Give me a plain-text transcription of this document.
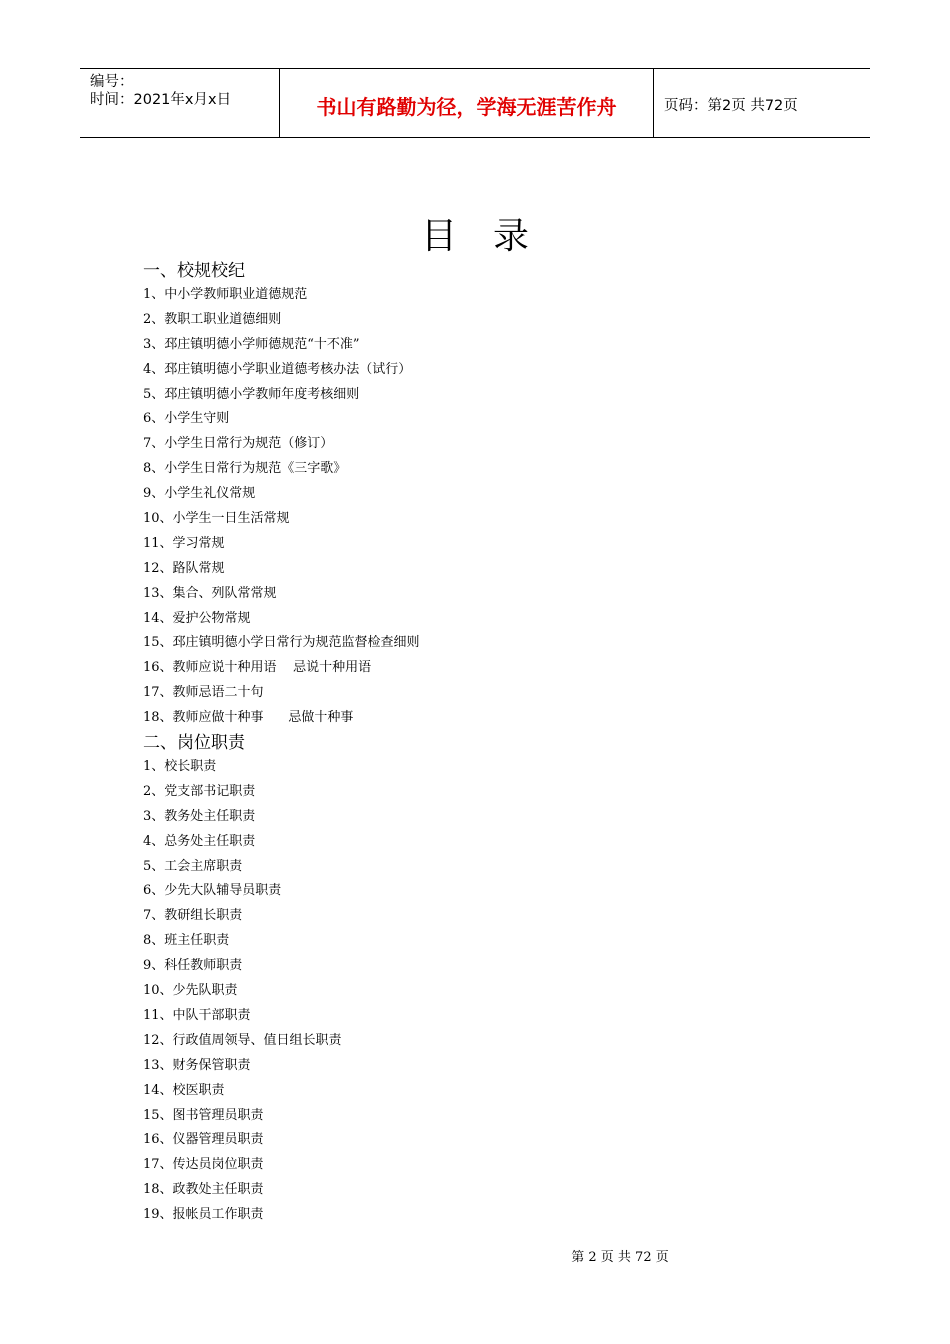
编号：
时间：2021年x月x日	书山有路勤为径，学海无涯苦作舟	页码：第2页 共72页
目录
一、校规校纪
1、中小学教师职业道德规范
2、教职工职业道德细则
3、邳庄镇明德小学师德规范“十不准”
4、邳庄镇明德小学职业道德考核办法（试行）
5、邳庄镇明德小学教师年度考核细则
6、小学生守则
7、小学生日常行为规范（修订）
8、小学生日常行为规范《三字歌》
9、小学生礼仪常规
10、小学生一日生活常规
11、学习常规
12、路队常规
13、集合、列队常常规
14、爱护公物常规
15、邳庄镇明德小学日常行为规范监督检查细则
16、教师应说十种用语    忌说十种用语
17、教师忌语二十句
18、教师应做十种事      忌做十种事
二、岗位职责
1、校长职责
2、党支部书记职责
3、教务处主任职责
4、总务处主任职责
5、工会主席职责
6、少先大队辅导员职责
7、教研组长职责
8、班主任职责
9、科任教师职责
10、少先队职责
11、中队干部职责
12、行政值周领导、值日组长职责
13、财务保管职责
14、校医职责
15、图书管理员职责
16、仪器管理员职责
17、传达员岗位职责
18、政教处主任职责
19、报帐员工作职责
第 2 页 共 72 页
